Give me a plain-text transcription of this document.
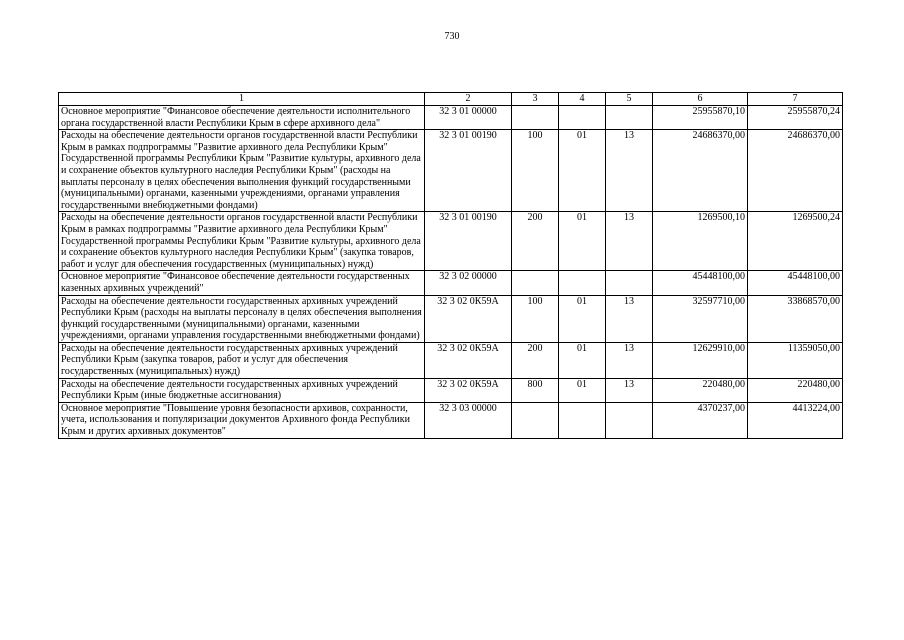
730
1	2	3	4	5	6	7
Основное мероприятие "Финансовое обеспечение деятельности исполнительного органа государственной власти Республики Крым в сфере архивного дела"	32 3 01 00000				25955870,10	25955870,24
Расходы на обеспечение деятельности органов государственной власти Республики Крым в рамках подпрограммы "Развитие архивного дела Республики Крым" Государственной программы Республики Крым "Развитие культуры, архивного дела и сохранение объектов культурного наследия Республики Крым" (расходы на выплаты персоналу в целях обеспечения выполнения функций государственными (муниципальными) органами, казенными учреждениями, органами управления государственными внебюджетными фондами)	32 3 01 00190	100	01	13	24686370,00	24686370,00
Расходы на обеспечение деятельности органов государственной власти Республики Крым в рамках подпрограммы "Развитие архивного дела Республики Крым" Государственной программы Республики Крым "Развитие культуры, архивного дела и сохранение объектов культурного наследия Республики Крым" (закупка товаров, работ и услуг для обеспечения государственных (муниципальных) нужд)	32 3 01 00190	200	01	13	1269500,10	1269500,24
Основное мероприятие "Финансовое обеспечение деятельности государственных казенных архивных учреждений"	32 3 02 00000				45448100,00	45448100,00
Расходы на обеспечение деятельности государственных архивных учреждений Республики Крым (расходы на выплаты персоналу в целях обеспечения выполнения функций государственными (муниципальными) органами, казенными учреждениями, органами управления государственными внебюджетными фондами)	32 3 02 0К59А	100	01	13	32597710,00	33868570,00
Расходы на обеспечение деятельности государственных архивных учреждений Республики Крым (закупка товаров, работ и услуг для обеспечения государственных (муниципальных) нужд)	32 3 02 0К59А	200	01	13	12629910,00	11359050,00
Расходы на обеспечение деятельности государственных архивных учреждений Республики Крым (иные бюджетные ассигнования)	32 3 02 0К59А	800	01	13	220480,00	220480,00
Основное мероприятие "Повышение уровня безопасности архивов, сохранности, учета, использования и популяризации документов Архивного фонда Республики Крым и других архивных документов"	32 3 03 00000				4370237,00	4413224,00
